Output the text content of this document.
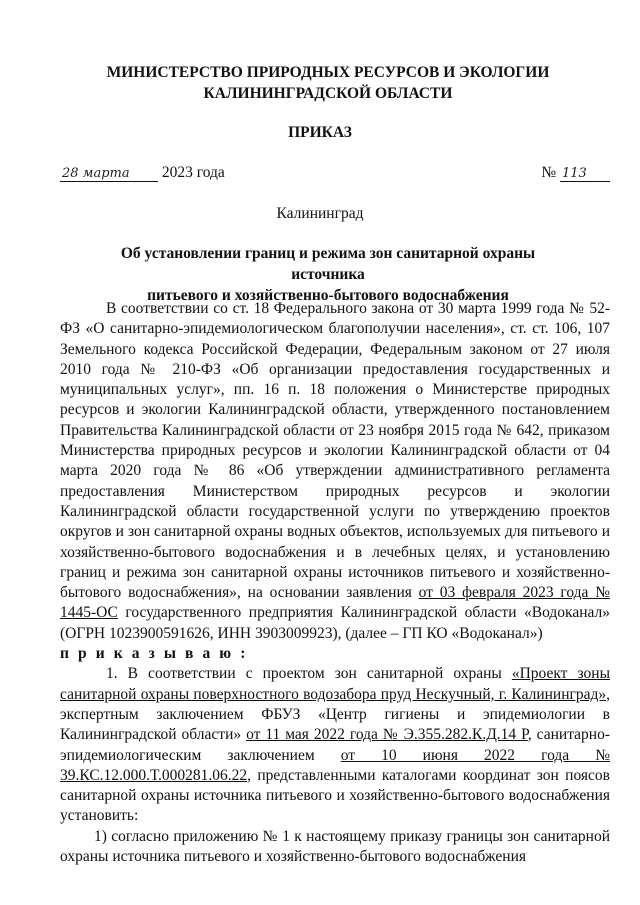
МИНИСТЕРСТВО ПРИРОДНЫХ РЕСУРСОВ И ЭКОЛОГИИ
КАЛИНИНГРАДСКОЙ ОБЛАСТИ
ПРИКАЗ
28 марта 2023 года	№ 113
Калининград
Об установлении границ и режима зон санитарной охраны источника
питьевого и хозяйственно-бытового водоснабжения

В соответствии со ст. 18 Федерального закона от 30 марта 1999 года № 52-ФЗ «О санитарно-эпидемиологическом благополучии населения», ст. ст. 106, 107 Земельного кодекса Российской Федерации, Федеральным законом от 27 июля 2010 года № 210-ФЗ «Об организации предоставления государственных и муниципальных услуг», пп. 16 п. 18 положения о Министерстве природных ресурсов и экологии Калининградской области, утвержденного постановлением Правительства Калининградской области от 23 ноября 2015 года № 642, приказом Министерства природных ресурсов и экологии Калининградской области от 04 марта 2020 года № 86 «Об утверждении административного регламента предоставления Министерством природных ресурсов и экологии Калининградской области государственной услуги по утверждению проектов округов и зон санитарной охраны водных объектов, используемых для питьевого и хозяйственно-бытового водоснабжения и в лечебных целях, и установлению границ и режима зон санитарной охраны источников питьевого и хозяйственно-бытового водоснабжения», на основании заявления от 03 февраля 2023 года № 1445-ОС государственного предприятия Калининградской области «Водоканал» (ОГРН 1023900591626, ИНН 3903009923), (далее – ГП КО «Водоканал»)

п р и к а з ы в а ю :

1. В соответствии с проектом зон санитарной охраны «Проект зоны санитарной охраны поверхностного водозабора пруд Нескучный, г. Калининград», экспертным заключением ФБУЗ «Центр гигиены и эпидемиологии в Калининградской области» от 11 мая 2022 года № Э.355.282.К.Д.14 Р, санитарно-эпидемиологическим заключением от 10 июня 2022 года № 39.КС.12.000.Т.000281.06.22, представленными каталогами координат зон поясов санитарной охраны источника питьевого и хозяйственно-бытового водоснабжения установить:

1) согласно приложению № 1 к настоящему приказу границы зон санитарной охраны источника питьевого и хозяйственно-бытового водоснабжения
